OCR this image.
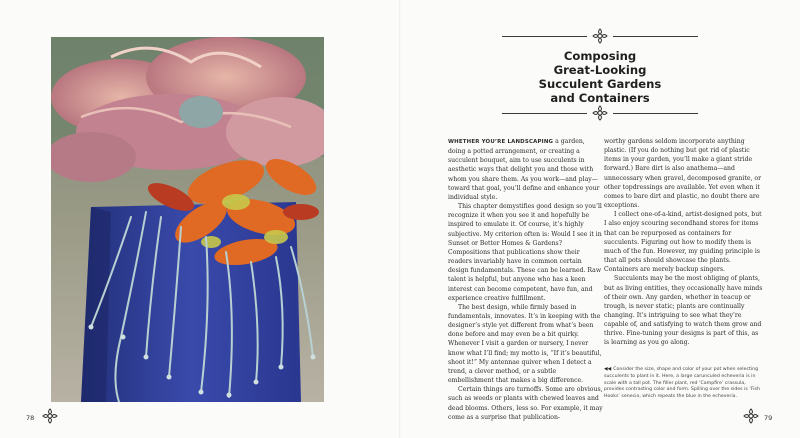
78
Composing
Great-Looking
Succulent Gardens
and Containers

WHETHER YOU’RE LANDSCAPING a garden, doing a potted arrangement, or creating a succulent bouquet, aim to use succulents in aesthetic ways that delight you and those with whom you share them. As you work—and play—toward that goal, you’ll define and enhance your individual style.

This chapter demystifies good design so you’ll recognize it when you see it and hopefully be inspired to emulate it. Of course, it’s highly subjective. My criterion often is: Would I see it in Sunset or Better Homes & Gardens? Compositions that publications show their readers invariably have in common certain design fundamentals. These can be learned. Raw talent is helpful, but anyone who has a keen interest can become competent, have fun, and experience creative fulfillment.

The best design, while firmly based in fundamentals, innovates. It’s in keeping with the designer’s style yet different from what’s been done before and may even be a bit quirky. Whenever I visit a garden or nursery, I never know what I’ll find; my motto is, “If it’s beautiful, shoot it!” My antennae quiver when I detect a trend, a clever method, or a subtle embellishment that makes a big difference.

Certain things are turnoffs. Some are obvious, such as weeds or plants with chewed leaves and dead blooms. Others, less so. For example, it may come as a surprise that publication-

worthy gardens seldom incorporate anything plastic. (If you do nothing but get rid of plastic items in your garden, you’ll make a giant stride forward.) Bare dirt is also anathema—and unnecessary when gravel, decomposed granite, or other topdressings are available. Yet even when it comes to bare dirt and plastic, no doubt there are exceptions.

I collect one-of-a-kind, artist-designed pots, but I also enjoy scouring secondhand stores for items that can be repurposed as containers for succulents. Figuring out how to modify them is much of the fun. However, my guiding principle is that all pots should showcase the plants. Containers are merely backup singers.

Succulents may be the most obliging of plants, but as living entities, they occasionally have minds of their own. Any garden, whether in teacup or trough, is never static; plants are continually changing. It’s intriguing to see what they’re capable of, and satisfying to watch them grow and thrive. Fine-tuning your designs is part of this, as is learning as you go along.

◀◀ Consider the size, shape and color of your pot when selecting succulents to plant in it. Here, a large carunculed echeveria is in scale with a tall pot. The filler plant, red ‘Campfire’ crassula, provides contrasting color and form. Spilling over the sides is ‘Fish Hooks’ senecio, which repeats the blue in the echeveria.
79
